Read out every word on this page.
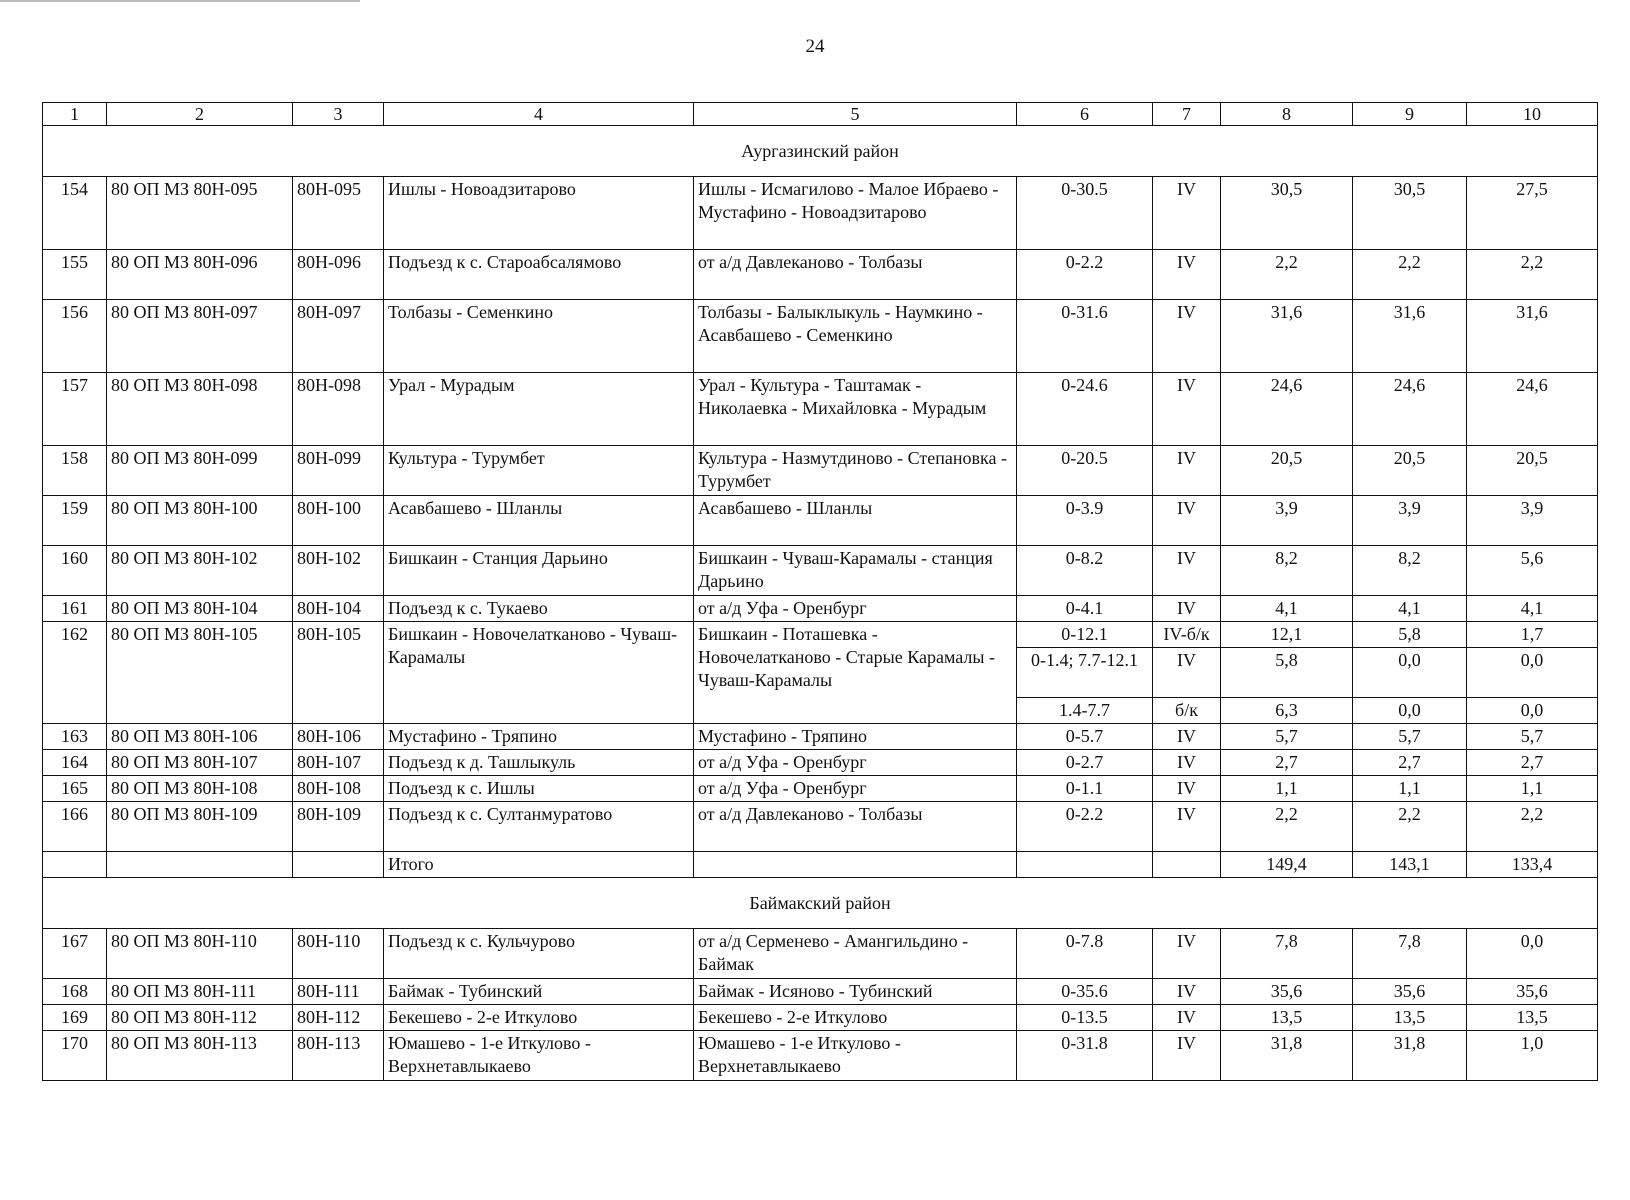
24
1	2	3	4	5	6	7	8	9	10
Аургазинский район									
154	80 ОП МЗ 80Н-095	80Н-095	Ишлы - Новоадзитарово	Ишлы - Исмагилово - Малое Ибраево - Мустафино - Новоадзитарово	0-30.5	IV	30,5	30,5	27,5
155	80 ОП МЗ 80Н-096	80Н-096	Подъезд к с. Староабсалямово	от а/д Давлеканово - Толбазы	0-2.2	IV	2,2	2,2	2,2
156	80 ОП МЗ 80Н-097	80Н-097	Толбазы - Семенкино	Толбазы - Балыклыкуль - Наумкино - Асавбашево - Семенкино	0-31.6	IV	31,6	31,6	31,6
157	80 ОП МЗ 80Н-098	80Н-098	Урал - Мурадым	Урал - Культура - Таштамак - Николаевка - Михайловка - Мурадым	0-24.6	IV	24,6	24,6	24,6
158	80 ОП МЗ 80Н-099	80Н-099	Культура - Турумбет	Культура - Назмутдиново - Степановка - Турумбет	0-20.5	IV	20,5	20,5	20,5
159	80 ОП МЗ 80Н-100	80Н-100	Асавбашево - Шланлы	Асавбашево - Шланлы	0-3.9	IV	3,9	3,9	3,9
160	80 ОП МЗ 80Н-102	80Н-102	Бишкаин - Станция Дарьино	Бишкаин - Чуваш-Карамалы - станция Дарьино	0-8.2	IV	8,2	8,2	5,6
161	80 ОП МЗ 80Н-104	80Н-104	Подъезд к с. Тукаево	от а/д Уфа - Оренбург	0-4.1	IV	4,1	4,1	4,1
162	80 ОП МЗ 80Н-105	80Н-105	Бишкаин - Новочелатканово - Чуваш-Карамалы	Бишкаин - Поташевка - Новочелатканово - Старые Карамалы - Чуваш-Карамалы	0-12.1	IV-б/к	12,1	5,8	1,7
					0-1.4; 7.7-12.1	IV	5,8	0,0	0,0
					1.4-7.7	б/к	6,3	0,0	0,0
163	80 ОП МЗ 80Н-106	80Н-106	Мустафино - Тряпино	Мустафино - Тряпино	0-5.7	IV	5,7	5,7	5,7
164	80 ОП МЗ 80Н-107	80Н-107	Подъезд к д. Ташлыкуль	от а/д Уфа - Оренбург	0-2.7	IV	2,7	2,7	2,7
165	80 ОП МЗ 80Н-108	80Н-108	Подъезд к с. Ишлы	от а/д Уфа - Оренбург	0-1.1	IV	1,1	1,1	1,1
166	80 ОП МЗ 80Н-109	80Н-109	Подъезд к с. Султанмуратово	от а/д Давлеканово - Толбазы	0-2.2	IV	2,2	2,2	2,2
			Итого				149,4	143,1	133,4
Баймакский район									
167	80 ОП МЗ 80Н-110	80Н-110	Подъезд к с. Кульчурово	от а/д Серменево - Амангильдино - Баймак	0-7.8	IV	7,8	7,8	0,0
168	80 ОП МЗ 80Н-111	80Н-111	Баймак - Тубинский	Баймак - Исяново - Тубинский	0-35.6	IV	35,6	35,6	35,6
169	80 ОП МЗ 80Н-112	80Н-112	Бекешево - 2-е Иткулово	Бекешево - 2-е Иткулово	0-13.5	IV	13,5	13,5	13,5
170	80 ОП МЗ 80Н-113	80Н-113	Юмашево - 1-е Иткулово - Верхнетавлыкаево	Юмашево - 1-е Иткулово - Верхнетавлыкаево	0-31.8	IV	31,8	31,8	1,0
